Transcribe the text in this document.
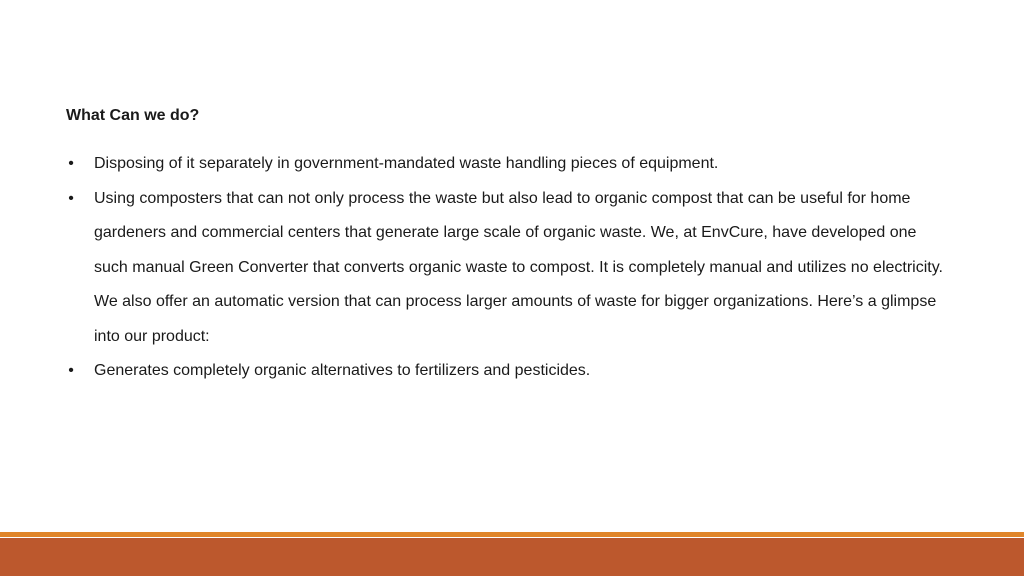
What Can we do?
• Disposing of it separately in government-mandated waste handling pieces of equipment.
• Using composters that can not only process the waste but also lead to organic compost that can be useful for home gardeners and commercial centers that generate large scale of organic waste. We, at EnvCure, have developed one such manual Green Converter that converts organic waste to compost. It is completely manual and utilizes no electricity. We also offer an automatic version that can process larger amounts of waste for bigger organizations. Here’s a glimpse into our product:
• Generates completely organic alternatives to fertilizers and pesticides.
